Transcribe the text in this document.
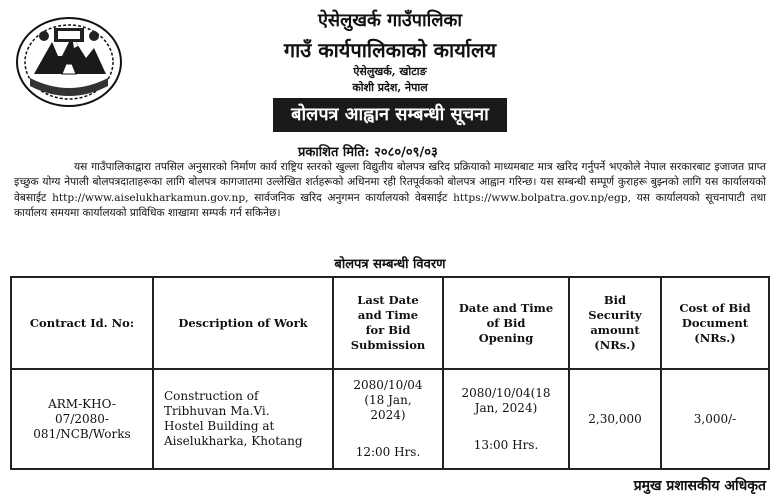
ऐसेलुखर्क गाउँपालिका
गाउँ कार्यपालिकाको कार्यालय
ऐसेलुखर्क, खोटाङ
कोशी प्रदेश, नेपाल
बोलपत्र आह्वान सम्बन्धी सूचना
प्रकाशित मिति: २०८०/०९/०३
यस गाउँपालिकाद्वारा तपसिल अनुसारको निर्माण कार्य राष्ट्रिय स्तरको खुल्ला विद्युतीय बोलपत्र खरिद प्रक्रियाको माध्यमबाट मात्र खरिद गर्नुपर्ने भएकोले नेपाल सरकारबाट इजाजत प्राप्त इच्छुक योग्य नेपाली बोलपत्रदाताहरूका लागि बोलपत्र कागजातमा उल्लेखित शर्तहरूको अधिनमा रही रितपूर्वकको बोलपत्र आह्वान गरिन्छ। यस सम्बन्धी सम्पूर्ण कुराहरू बुझ्नको लागि यस कार्यालयको वेबसाईट http://www.aiselukharkamun.gov.np, सार्वजनिक खरिद अनुगमन कार्यालयको वेबसाईट https://www.bolpatra.gov.np/egp, यस कार्यालयको सूचनापाटी तथा कार्यालय समयमा कार्यालयको प्राविधिक शाखामा सम्पर्क गर्न सकिनेछ।
बोलपत्र सम्बन्धी विवरण
Contract Id. No:	Description of Work	Last Date
and Time
for Bid
Submission	Date and Time
of Bid
Opening	Bid
Security
amount
(NRs.)	Cost of Bid
Document
(NRs.)

ARM-KHO-
07/2080-
081/NCB/Works	Construction of
Tribhuvan Ma.Vi.
Hostel Building at
Aiselukharka, Khotang	2080/10/04
(18 Jan,
2024)
12:00 Hrs.	2080/10/04(18
Jan, 2024)
13:00 Hrs.	2,30,000	3,000/-
प्रमुख प्रशासकीय अधिकृत
